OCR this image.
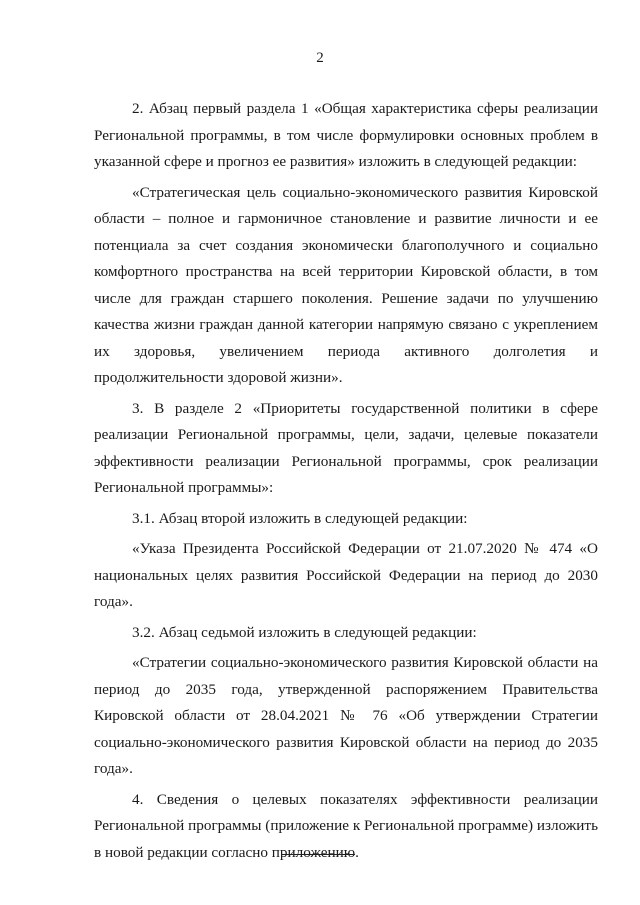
2

2. Абзац первый раздела 1 «Общая характеристика сферы реализации Региональной программы, в том числе формулировки основных проблем в указанной сфере и прогноз ее развития» изложить в следующей редакции:

«Стратегическая цель социально-экономического развития Кировской области – полное и гармоничное становление и развитие личности и ее потенциала за счет создания экономически благополучного и социально комфортного пространства на всей территории Кировской области, в том числе для граждан старшего поколения. Решение задачи по улучшению качества жизни граждан данной категории напрямую связано с укреплением их здоровья, увеличением периода активного долголетия и продолжительности здоровой жизни».

3. В разделе 2 «Приоритеты государственной политики в сфере реализации Региональной программы, цели, задачи, целевые показатели эффективности реализации Региональной программы, срок реализации Региональной программы»:

3.1. Абзац второй изложить в следующей редакции:

«Указа Президента Российской Федерации от 21.07.2020 № 474 «О национальных целях развития Российской Федерации на период до 2030 года».

3.2. Абзац седьмой изложить в следующей редакции:

«Стратегии социально-экономического развития Кировской области на период до 2035 года, утвержденной распоряжением Правительства Кировской области от 28.04.2021 № 76 «Об утверждении Стратегии социально-экономического развития Кировской области на период до 2035 года».

4. Сведения о целевых показателях эффективности реализации Региональной программы (приложение к Региональной программе) изложить в новой редакции согласно приложению.
